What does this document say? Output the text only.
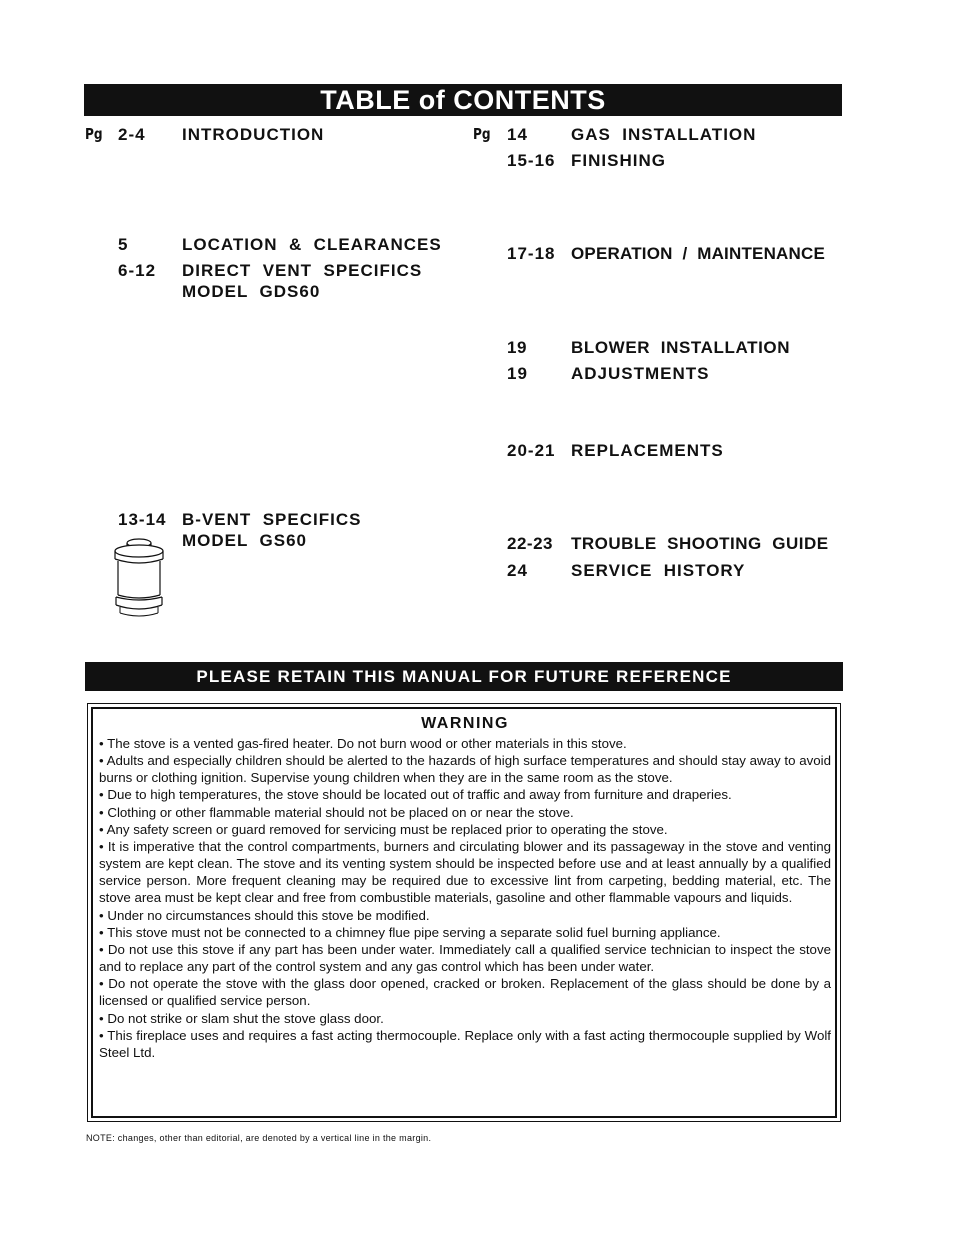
TABLE of CONTENTS
Pg	Pg
2-4 INTRODUCTION
5	LOCATION  &  CLEARANCES
6-12 DIRECT  VENT  SPECIFICS
MODEL  GDS60
13-14 B-VENT  SPECIFICS
MODEL  GS60
14	GAS  INSTALLATION
15-16 FINISHING
17-18 OPERATION  /  MAINTENANCE
19	BLOWER  INSTALLATION
19	ADJUSTMENTS
20-21 REPLACEMENTS
22-23 TROUBLE  SHOOTING  GUIDE
24	SERVICE  HISTORY
PLEASE RETAIN THIS MANUAL FOR FUTURE REFERENCE
WARNING
• The stove is a vented gas-fired heater. Do not burn wood or other materials in this stove.
• Adults and especially children should be alerted to the hazards of high surface temperatures and should stay away to avoid burns or clothing ignition. Supervise young children when they are in the same room as the stove.
• Due to high temperatures, the stove should be located out of traffic and away from furniture and draperies.
• Clothing or other flammable material should not be placed on or near the stove.
• Any safety screen or guard removed for servicing must be replaced prior to operating the stove.
• It is imperative that the control compartments, burners and circulating blower and its passageway in the stove and venting system are kept clean. The stove and its venting system should be inspected before use and at least annually by a qualified service person. More frequent cleaning may be required due to excessive lint from carpeting, bedding material, etc. The stove area must be kept clear and free from combustible materials, gasoline and other flammable vapours and liquids.
• Under no circumstances should this stove be modified.
• This stove must not be connected to a chimney flue pipe serving a separate solid fuel burning appliance.
• Do not use this stove if any part has been under water. Immediately call a qualified service technician to inspect the stove and to replace any part of the control system and any gas control which has been under water.
• Do not operate the stove with the glass door opened, cracked or broken. Replacement of the glass should be done by a licensed or qualified service person.
• Do not strike or slam shut the stove glass door.
• This fireplace uses and requires a fast acting thermocouple. Replace only with a fast acting thermocouple supplied by Wolf Steel Ltd.
NOTE: changes, other than editorial, are denoted by a vertical line in the margin.
